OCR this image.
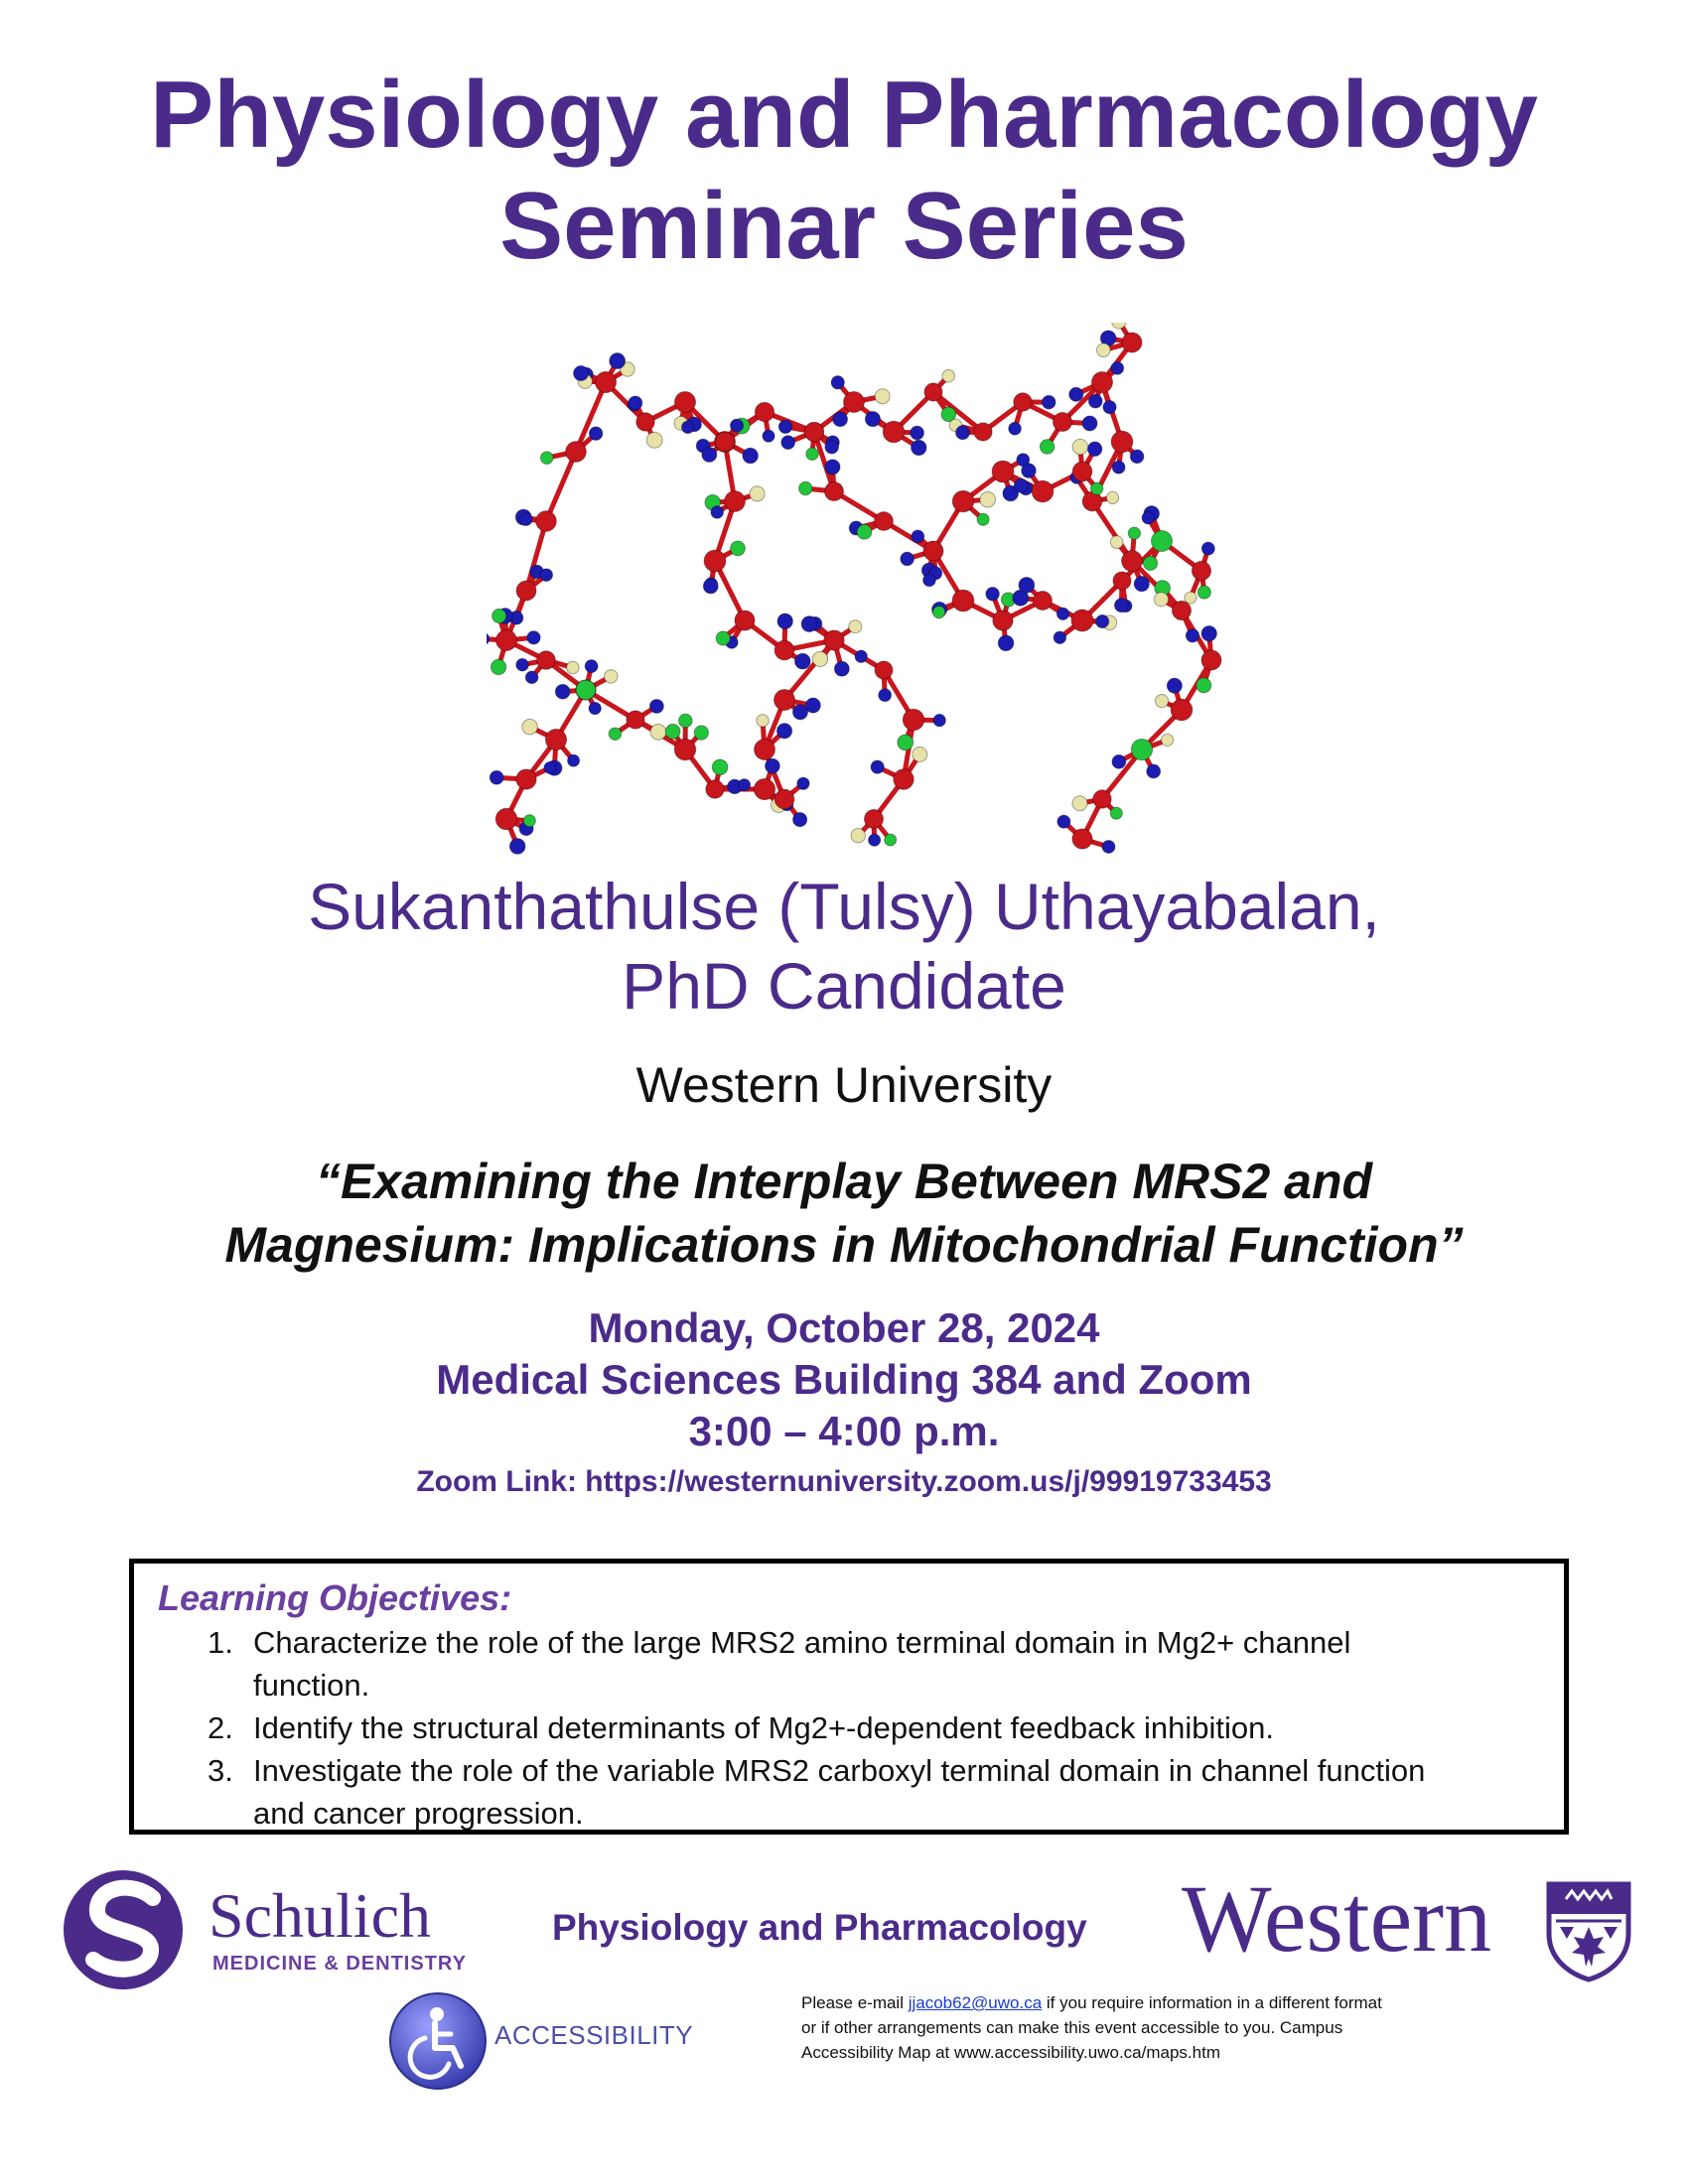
Physiology and Pharmacology
Seminar Series
Sukanthathulse (Tulsy) Uthayabalan,
PhD Candidate
Western University
“Examining the Interplay Between MRS2 and
Magnesium: Implications in Mitochondrial Function”
Monday, October 28, 2024
Medical Sciences Building 384 and Zoom
3:00 – 4:00 p.m.
Zoom Link: https://westernuniversity.zoom.us/j/99919733453
Learning Objectives:
1. Characterize the role of the large MRS2 amino terminal domain in Mg2+ channel
function.
2. Identify the structural determinants of Mg2+-dependent feedback inhibition.
3. Investigate the role of the variable MRS2 carboxyl terminal domain in channel function
and cancer progression.
Schulich
MEDICINE & DENTISTRY
Physiology and Pharmacology Western
ACCESSIBILITY
Please e-mail jjacob62@uwo.ca if you require information in a different format
or if other arrangements can make this event accessible to you. Campus
Accessibility Map at www.accessibility.uwo.ca/maps.htm
